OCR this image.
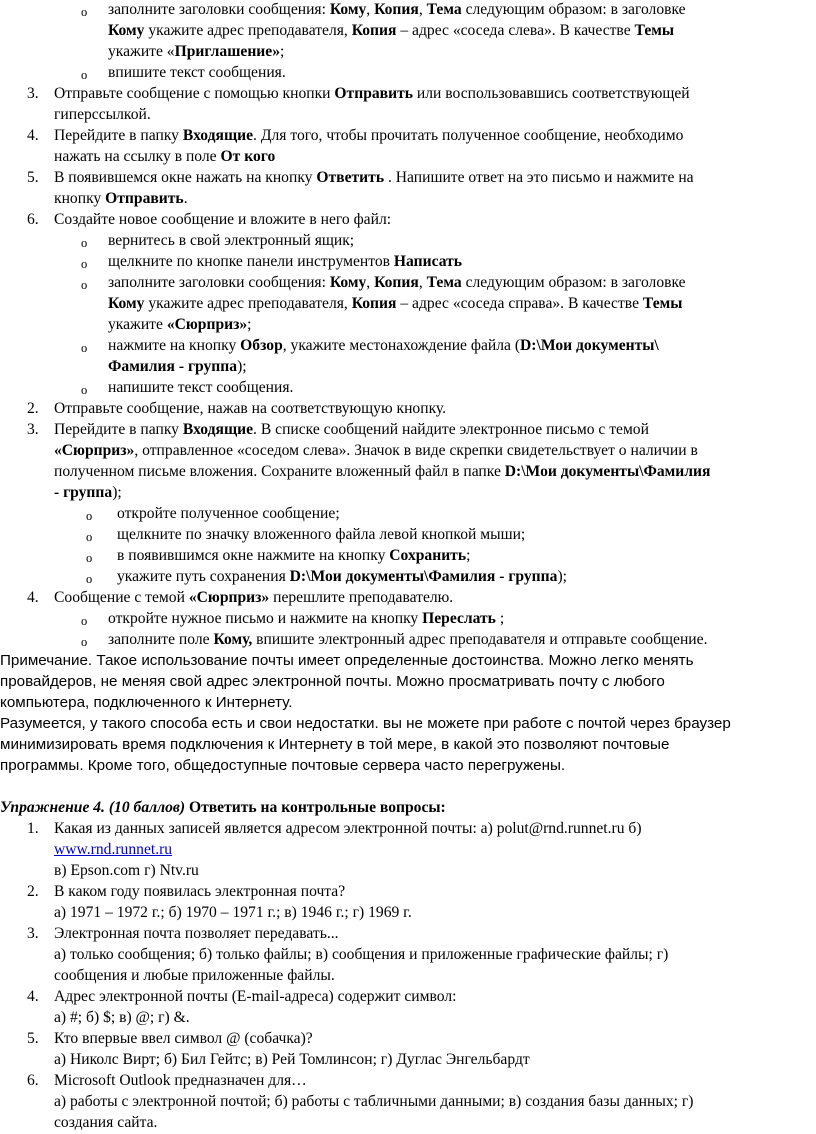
o заполните заголовки сообщения: Кому, Копия, Тема следующим образом: в заголовке
Кому укажите адрес преподавателя, Копия – адрес «соседа слева». В качестве Темы
укажите «Приглашение»;
o впишите текст сообщения.
3. Отправьте сообщение с помощью кнопки Отправить или воспользовавшись соответствующей
гиперссылкой.
4. Перейдите в папку Входящие. Для того, чтобы прочитать полученное сообщение, необходимо
нажать на ссылку в поле От кого
5. В появившемся окне нажать на кнопку Ответить . Напишите ответ на это письмо и нажмите на
кнопку Отправить.
6. Создайте новое сообщение и вложите в него файл:
o вернитесь в свой электронный ящик;
o щелкните по кнопке панели инструментов Написать
o заполните заголовки сообщения: Кому, Копия, Тема следующим образом: в заголовке
Кому укажите адрес преподавателя, Копия – адрес «соседа справа». В качестве Темы
укажите «Сюрприз»;
o нажмите на кнопку Обзор, укажите местонахождение файла (D:\Мои документы\
Фамилия - группа);
o напишите текст сообщения.
2. Отправьте сообщение, нажав на соответствующую кнопку.
3. Перейдите в папку Входящие. В списке сообщений найдите электронное письмо с темой
«Сюрприз», отправленное «соседом слева». Значок в виде скрепки свидетельствует о наличии в
полученном письме вложения. Сохраните вложенный файл в папке D:\Мои документы\Фамилия
- группа);
o откройте полученное сообщение;
o щелкните по значку вложенного файла левой кнопкой мыши;
o в появившимся окне нажмите на кнопку Сохранить;
o укажите путь сохранения D:\Мои документы\Фамилия - группа);
4. Сообщение с темой «Сюрприз» перешлите преподавателю.
o откройте нужное письмо и нажмите на кнопку Переслать ;
o заполните поле Кому, впишите электронный адрес преподавателя и отправьте сообщение.
Примечание. Такое использование почты имеет определенные достоинства. Можно легко менять
провайдеров, не меняя свой адрес электронной почты. Можно просматривать почту с любого
компьютера, подключенного к Интернету.
Разумеется, у такого способа есть и свои недостатки. вы не можете при работе с почтой через браузер
минимизировать время подключения к Интернету в той мере, в какой это позволяют почтовые
программы. Кроме того, общедоступные почтовые сервера часто перегружены.
Упражнение 4. (10 баллов) Ответить на контрольные вопросы:
1. Какая из данных записей является адресом электронной почты: а) polut@rnd.runnet.ru б)
www.rnd.runnet.ru
в) Epson.com г) Ntv.ru
2. В каком году появилась электронная почта?
а) 1971 – 1972 г.; б) 1970 – 1971 г.; в) 1946 г.; г) 1969 г.
3. Электронная почта позволяет передавать...
а) только сообщения; б) только файлы; в) сообщения и приложенные графические файлы; г)
сообщения и любые приложенные файлы.
4. Адрес электронной почты (E-mail-адреса) содержит символ:
а) #; б) $; в) @; г) &.
5. Кто впервые ввел символ @ (собачка)?
а) Николс Вирт; б) Бил Гейтс; в) Рей Томлинсон; г) Дуглас Энгельбардт
6. Microsoft Outlook предназначен для…
а) работы с электронной почтой; б) работы с табличными данными; в) создания базы данных; г)
создания сайта.
